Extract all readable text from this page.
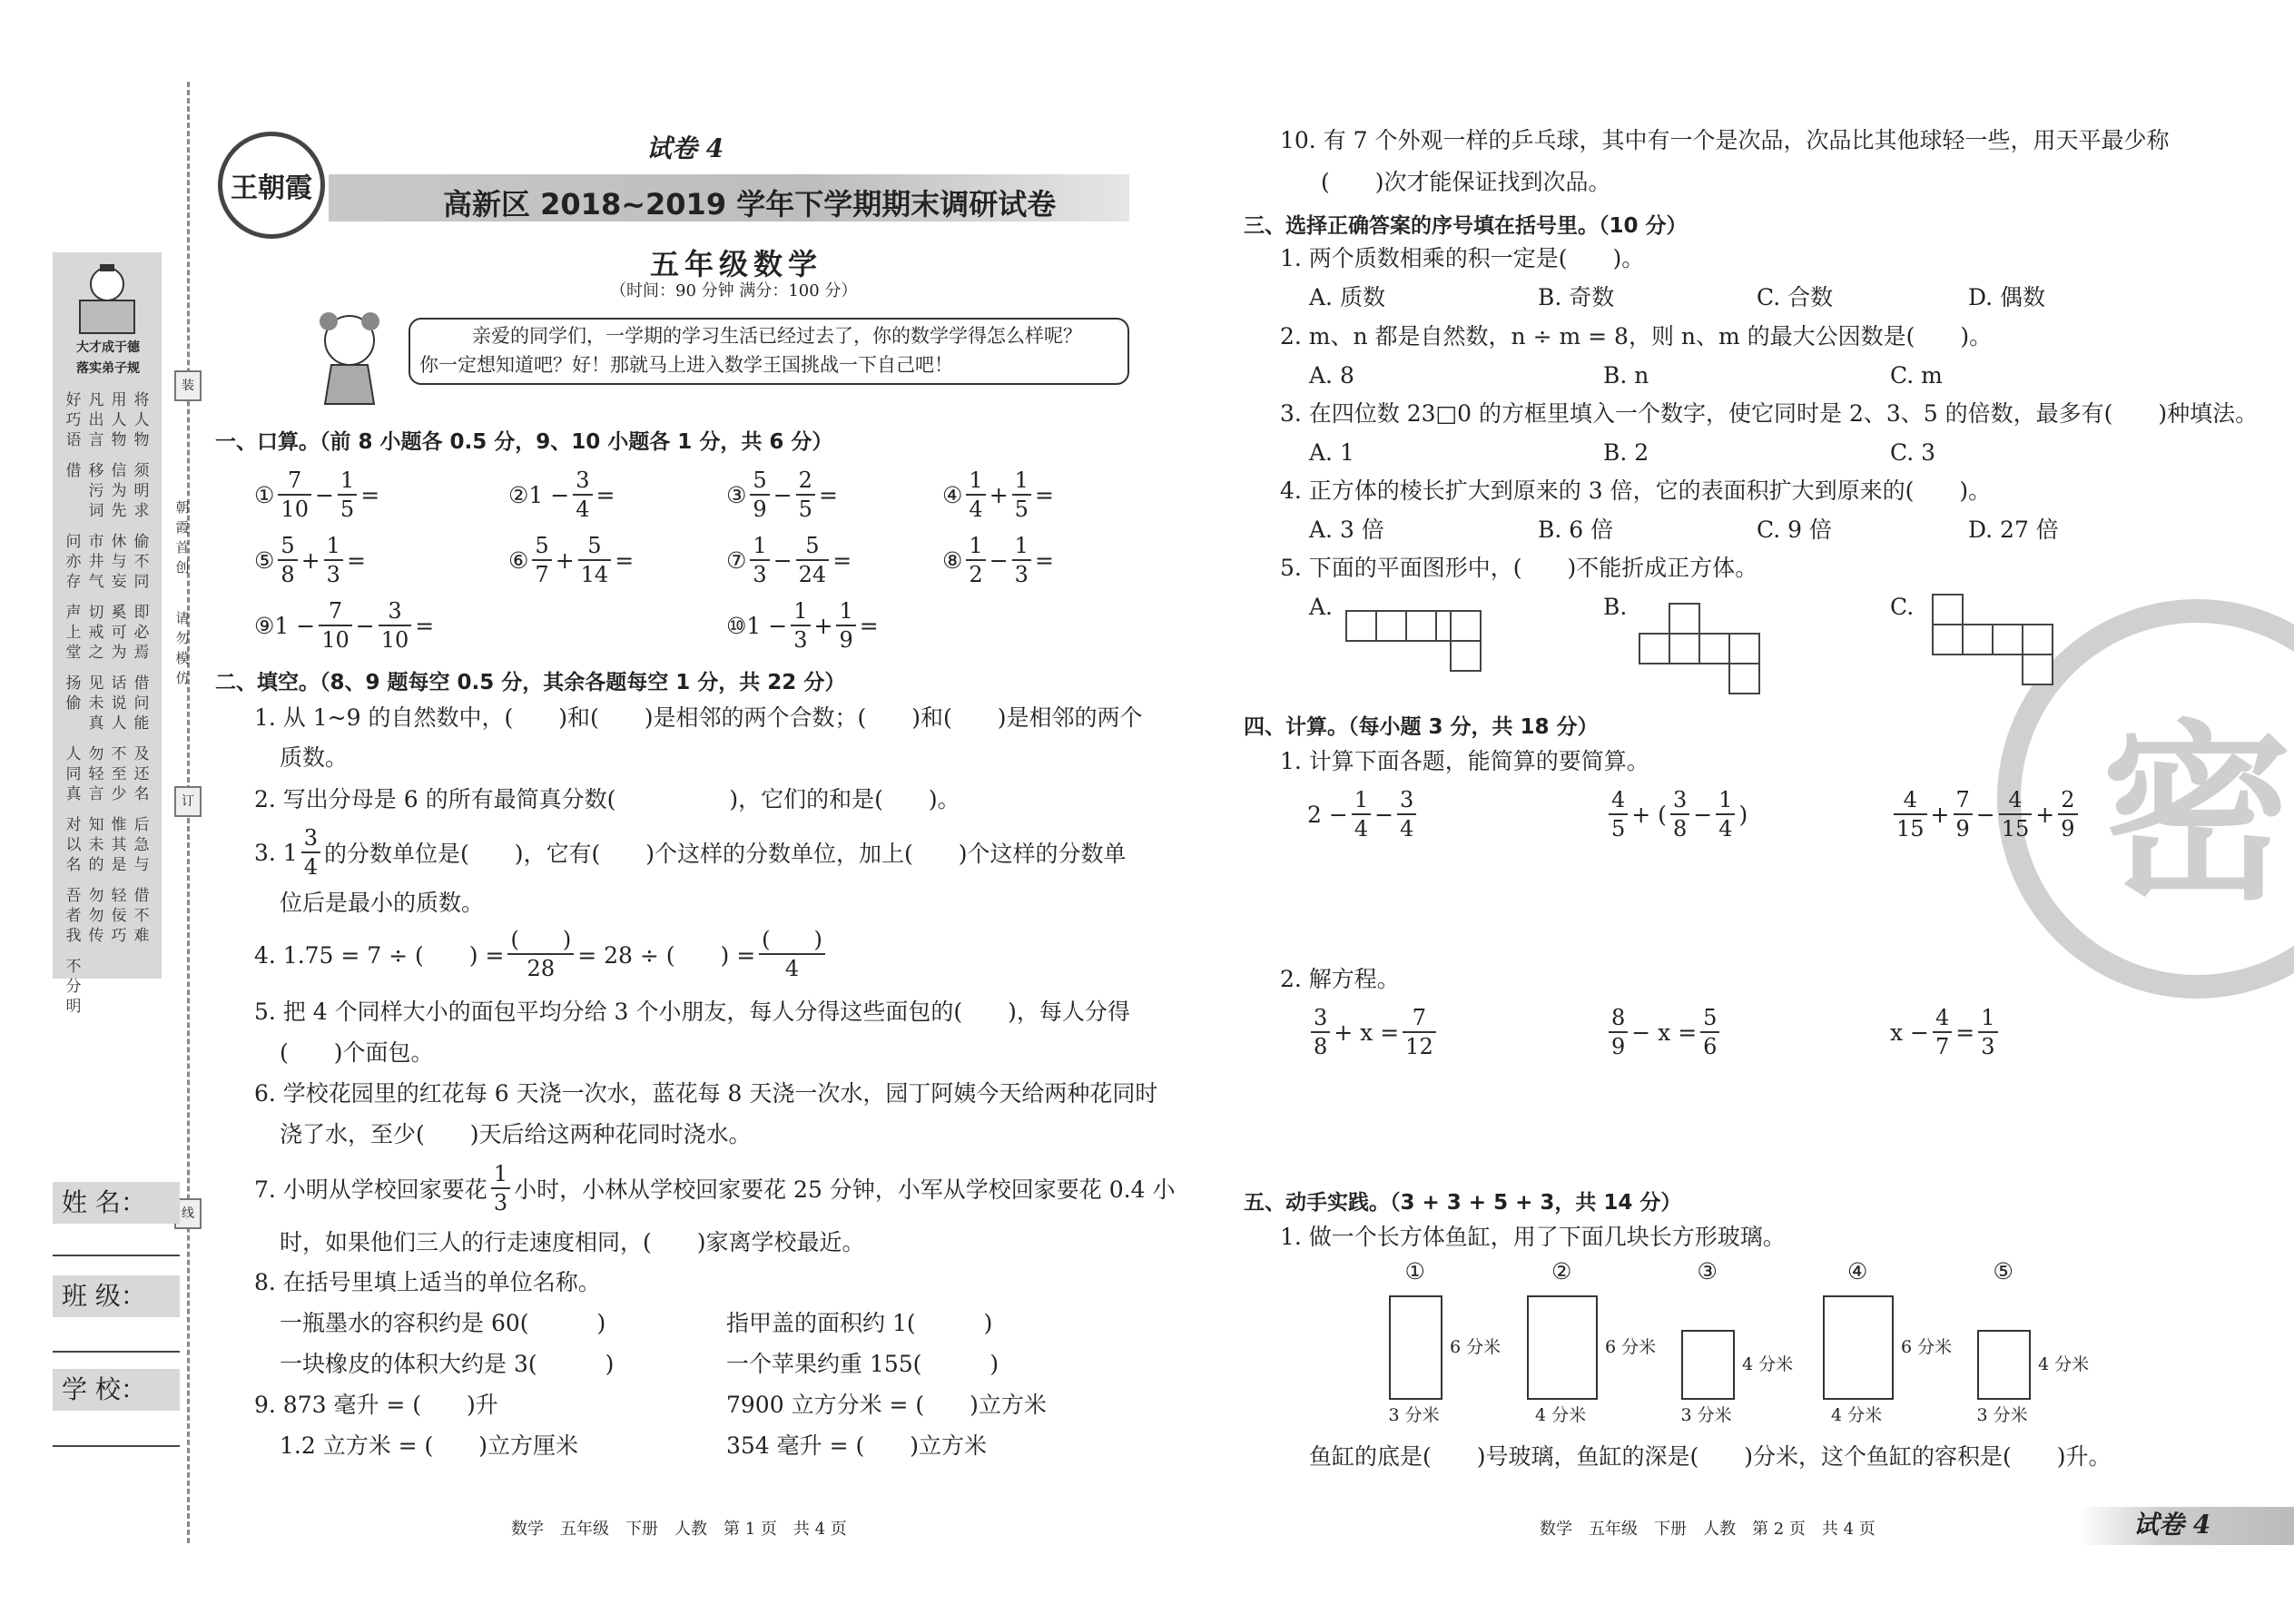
大才成于德
落实弟子规
好巧语
凡出言
用人物
将人物
借 移污词
信为先
须明求
问亦存
市井气
休与妄
偷不同
声上堂
切戒之
奚可为
即必焉
扬偷
见未真
话说人
借问能
人同真
勿轻言
不至少
及还名
对以名
知未的
惟其是
后急与
吾者我
勿勿传
轻佞巧
借不难
不分明
装
订
线
朝霞首创
请勿模仿
姓 名：
班 级：
学 校：
试卷 4
王朝霞	高新区 2018~2019 学年下学期期末调研试卷
五年级数学
（时间：90 分钟 满分：100 分）
亲爱的同学们，一学期的学习生活已经过去了，你的数学学得怎么样呢？
你一定想知道吧？好！那就马上进入数学王国挑战一下自己吧！
一、口算。（前 8 小题各 0.5 分，9、10 小题各 1 分，共 6 分）
① $\frac{7}{10} - \frac{1}{5}$ =	② $1 - \frac{3}{4}$ =	③ $\frac{5}{9} - \frac{2}{5}$ =	④ $\frac{1}{4} + \frac{1}{5}$ =
⑤ $\frac{5}{8} + \frac{1}{3}$ =	⑥ $\frac{5}{7} + \frac{5}{14}$ =	⑦ $\frac{1}{3} - \frac{5}{24}$ =	⑧ $\frac{1}{2} - \frac{1}{3}$ =
⑨ $1 - \frac{7}{10} - \frac{3}{10}$ =	⑩ $1 - \frac{1}{3} + \frac{1}{9}$ =
二、填空。（8、9 题每空 0.5 分，其余各题每空 1 分，共 22 分）
1. 从 1~9 的自然数中，(　　)和(　　)是相邻的两个合数；(　　)和(　　)是相邻的两个
质数。
2. 写出分母是 6 的所有最简真分数(　　　　　)，它们的和是(　　)。
3. $1 \frac{3}{4}$ 的分数单位是(　　)，它有(　　)个这样的分数单位，加上(　　)个这样的分数单
位后是最小的质数。
4. 1.75 = 7 ÷ (　　) = $\frac{( )}{28} = 28$ ÷ (　　) = $\frac{( )}{4}$
5. 把 4 个同样大小的面包平均分给 3 个小朋友，每人分得这些面包的(　　)，每人分得
(　　)个面包。
6. 学校花园里的红花每 6 天浇一次水，蓝花每 8 天浇一次水，园丁阿姨今天给两种花同时
浇了水，至少(　　)天后给这两种花同时浇水。
7. 小明从学校回家要花 $\frac{1}{3}$ 小时，小林从学校回家要花 25 分钟，小军从学校回家要花 0.4 小
时，如果他们三人的行走速度相同，(　　)家离学校最近。
8. 在括号里填上适当的单位名称。
一瓶墨水的容积约是 60(　　　)	指甲盖的面积约 1(　　　)
一块橡皮的体积大约是 3(　　　)	一个苹果约重 155(　　　)
9. 873 毫升 = (　　)升	7900 立方分米 = (　　)立方米
1.2 立方米 = (　　)立方厘米	354 毫升 = (　　)立方米
数学　五年级　下册　人教　第 1 页　共 4 页
密
10. 有 7 个外观一样的乒乓球，其中有一个是次品，次品比其他球轻一些，用天平最少称
(　　)次才能保证找到次品。
三、选择正确答案的序号填在括号里。（10 分）
1. 两个质数相乘的积一定是(　　)。
A. 质数	B. 奇数	C. 合数	D. 偶数
2. m、n 都是自然数，n ÷ m = 8，则 n、m 的最大公因数是(　　)。
A. 8	B. n	C. m
3. 在四位数 23□0 的方框里填入一个数字，使它同时是 2、3、5 的倍数，最多有(　　)种填法。
A. 1	B. 2	C. 3
4. 正方体的棱长扩大到原来的 3 倍，它的表面积扩大到原来的(　　)。
A. 3 倍	B. 6 倍	C. 9 倍	D. 27 倍
5. 下面的平面图形中，(　　)不能折成正方体。
A.	B.	C.
四、计算。（每小题 3 分，共 18 分）
1. 计算下面各题，能简算的要简算。
$2 - \frac{1}{4} - \frac{3}{4}$	$\frac{4}{5}$ + ( $\frac{3}{8} - \frac{1}{4}$ )	$\frac{4}{15} + \frac{7}{9} - \frac{4}{15} + \frac{2}{9}$
2. 解方程。
$\frac{3}{8} + x = \frac{7}{12}$	$\frac{8}{9} - x = \frac{5}{6}$	$x - \frac{4}{7} = \frac{1}{3}$
五、动手实践。（3 + 3 + 5 + 3，共 14 分）
1. 做一个长方体鱼缸，用了下面几块长方形玻璃。
①
3 分米
6 分米
②
4 分米
6 分米
③
3 分米
4 分米
④
4 分米
6 分米
⑤
3 分米
4 分米
鱼缸的底是(　　)号玻璃，鱼缸的深是(　　)分米，这个鱼缸的容积是(　　)升。
数学　五年级　下册　人教　第 2 页　共 4 页	试卷 4
